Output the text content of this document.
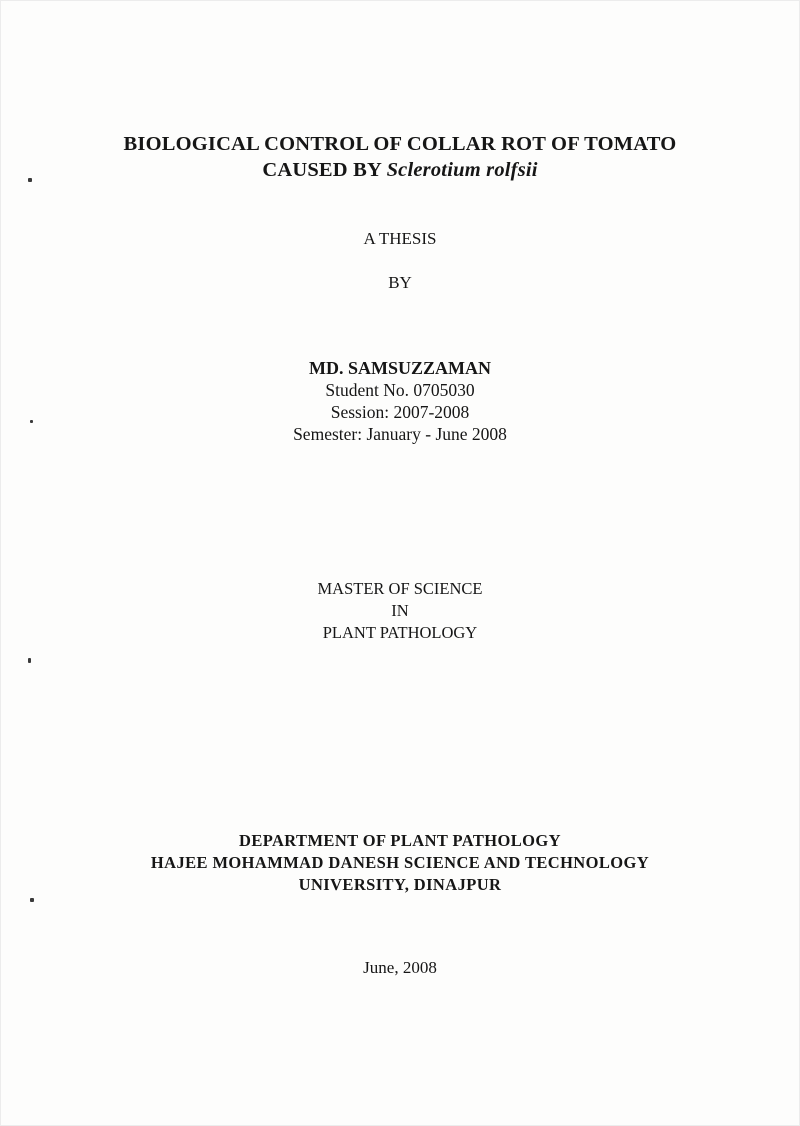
BIOLOGICAL CONTROL OF COLLAR ROT OF TOMATO
CAUSED BY Sclerotium rolfsii
A THESIS
BY
MD. SAMSUZZAMAN
Student No. 0705030
Session: 2007-2008
Semester: January - June 2008
MASTER OF SCIENCE
IN
PLANT PATHOLOGY
DEPARTMENT OF PLANT PATHOLOGY
HAJEE MOHAMMAD DANESH SCIENCE AND TECHNOLOGY
UNIVERSITY, DINAJPUR
June, 2008
